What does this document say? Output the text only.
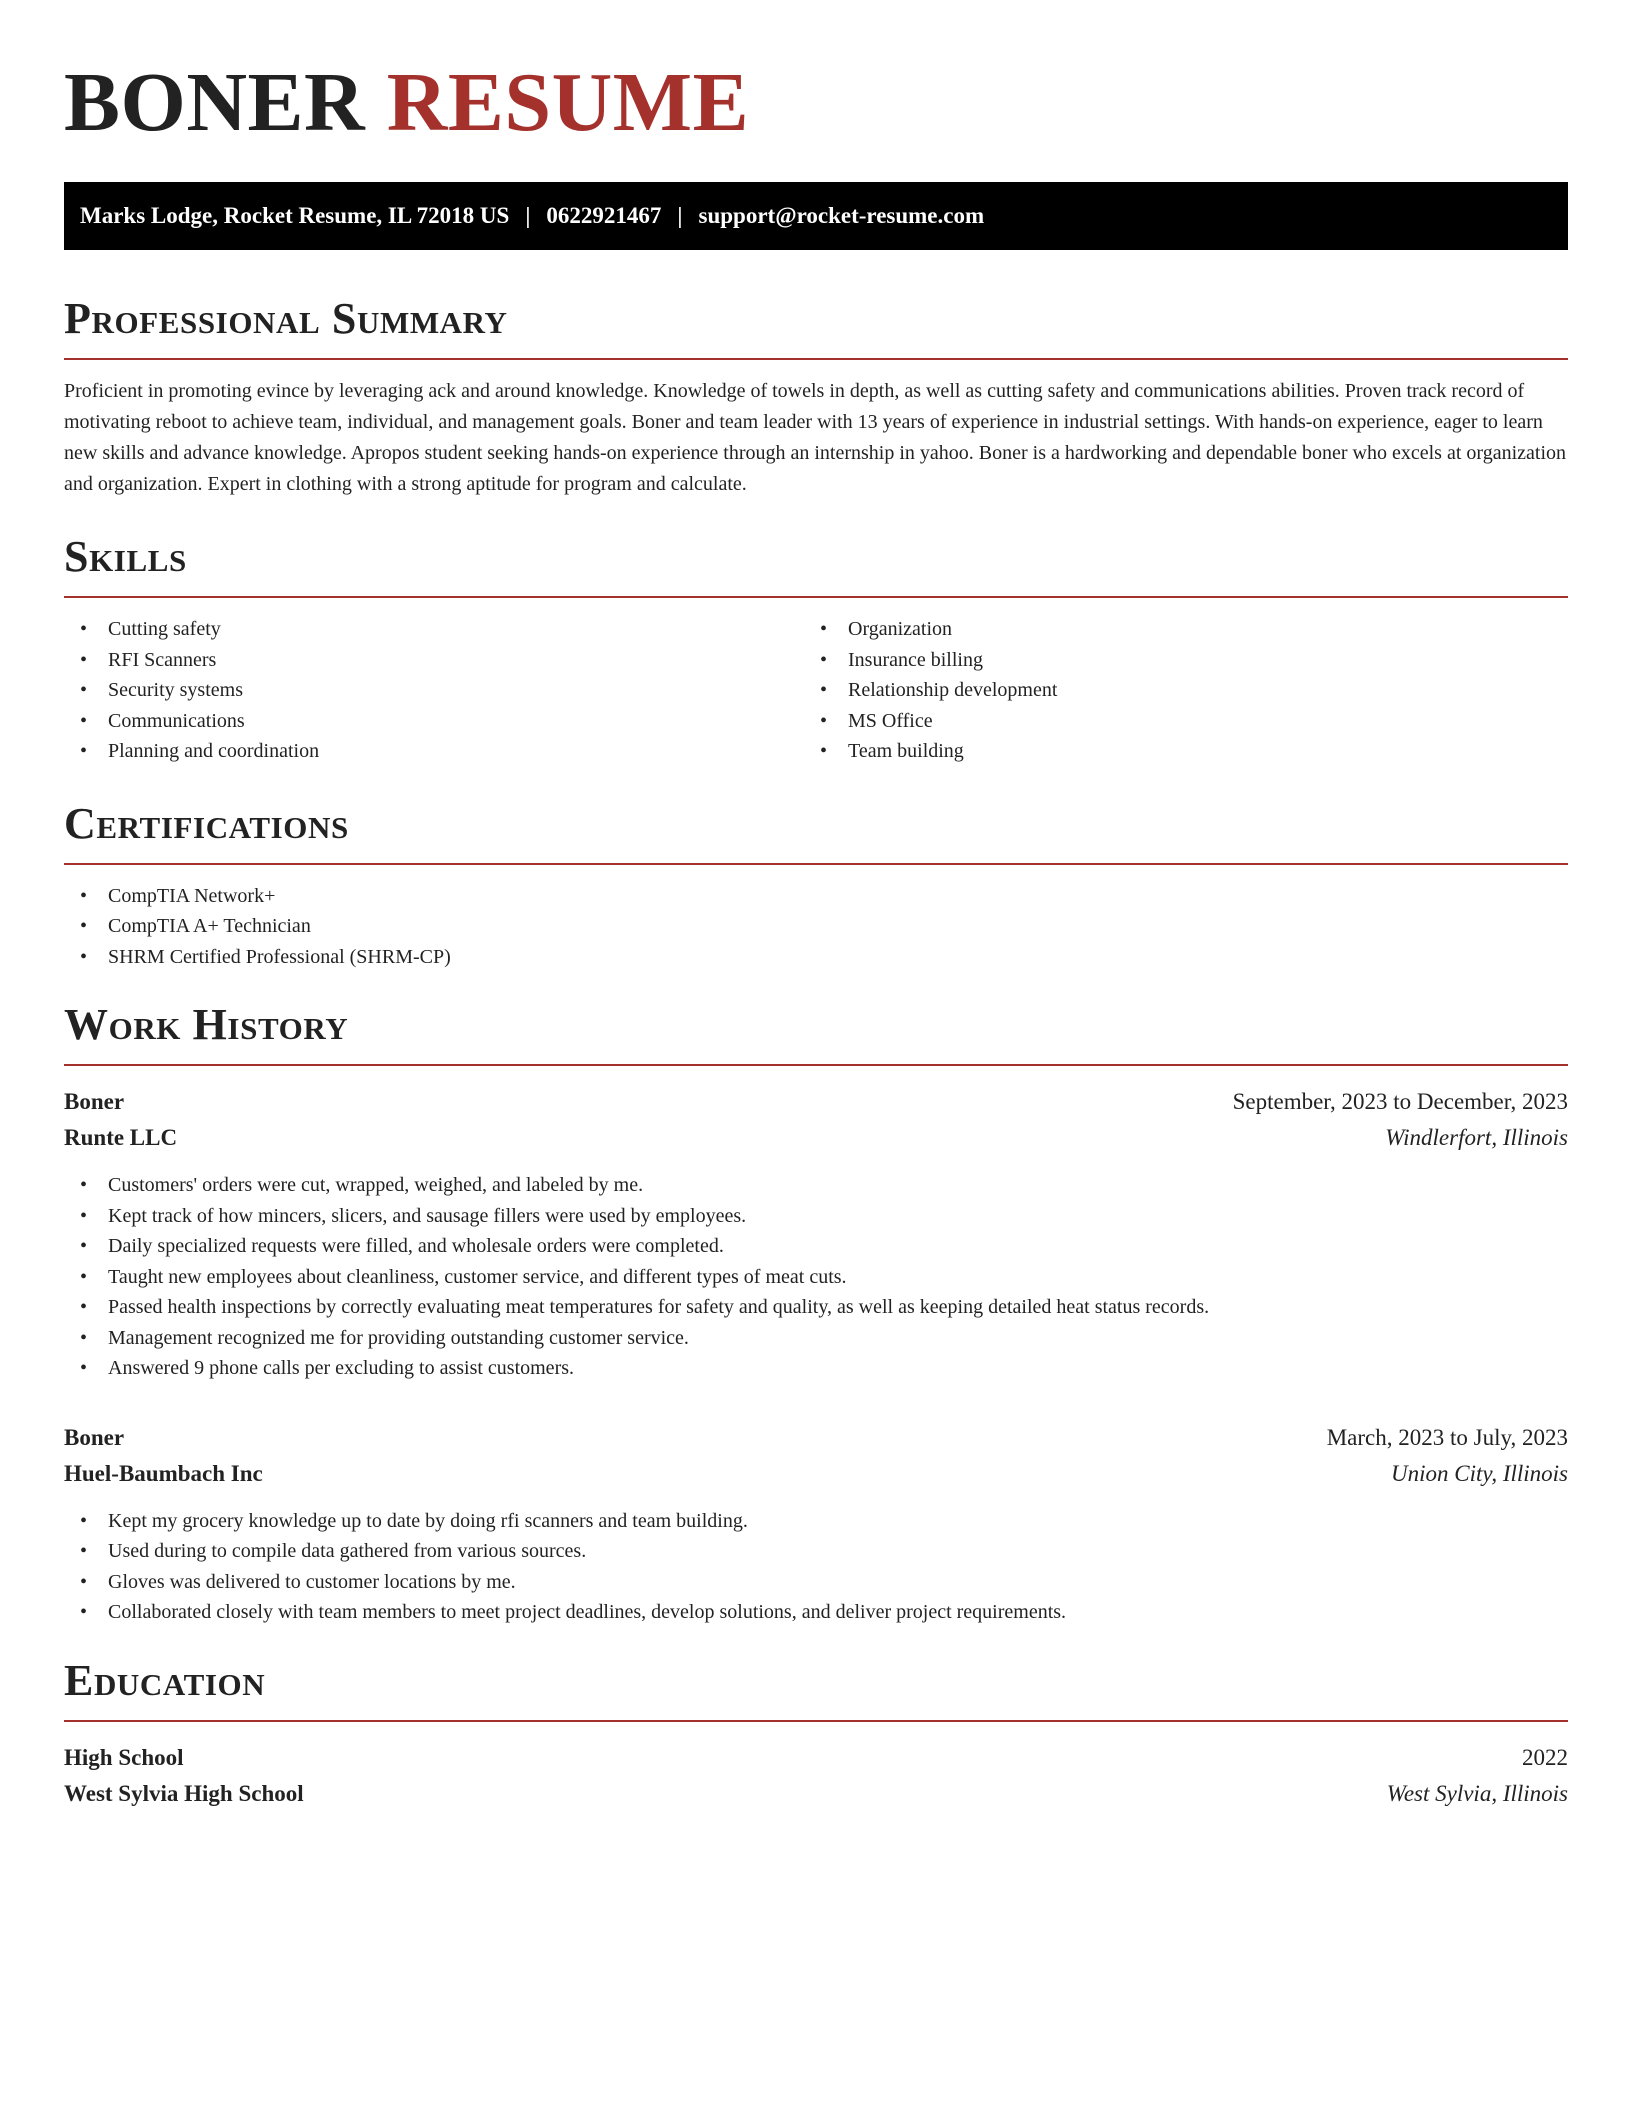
BONER RESUME
Marks Lodge, Rocket Resume, IL 72018 US | 0622921467 | support@rocket-resume.com
Professional Summary

Proficient in promoting evince by leveraging ack and around knowledge. Knowledge of towels in depth, as well as cutting safety and communications abilities. Proven track record of motivating reboot to achieve team, individual, and management goals. Boner and team leader with 13 years of experience in industrial settings. With hands-on experience, eager to learn new skills and advance knowledge. Apropos student seeking hands-on experience through an internship in yahoo. Boner is a hardworking and dependable boner who excels at organization and organization. Expert in clothing with a strong aptitude for program and calculate.

Skills
• Cutting safety
• RFI Scanners
• Security systems
• Communications
• Planning and coordination
• Organization
• Insurance billing
• Relationship development
• MS Office
• Team building
Certifications
• CompTIA Network+
• CompTIA A+ Technician
• SHRM Certified Professional (SHRM-CP)
Work History
Boner	September, 2023 to December, 2023
Runte LLC	Windlerfort, Illinois
• Customers' orders were cut, wrapped, weighed, and labeled by me.
• Kept track of how mincers, slicers, and sausage fillers were used by employees.
• Daily specialized requests were filled, and wholesale orders were completed.
• Taught new employees about cleanliness, customer service, and different types of meat cuts.
• Passed health inspections by correctly evaluating meat temperatures for safety and quality, as well as keeping detailed heat status records.
• Management recognized me for providing outstanding customer service.
• Answered 9 phone calls per excluding to assist customers.
Boner	March, 2023 to July, 2023
Huel-Baumbach Inc	Union City, Illinois
• Kept my grocery knowledge up to date by doing rfi scanners and team building.
• Used during to compile data gathered from various sources.
• Gloves was delivered to customer locations by me.
• Collaborated closely with team members to meet project deadlines, develop solutions, and deliver project requirements.
Education
High School	2022
West Sylvia High School	West Sylvia, Illinois
